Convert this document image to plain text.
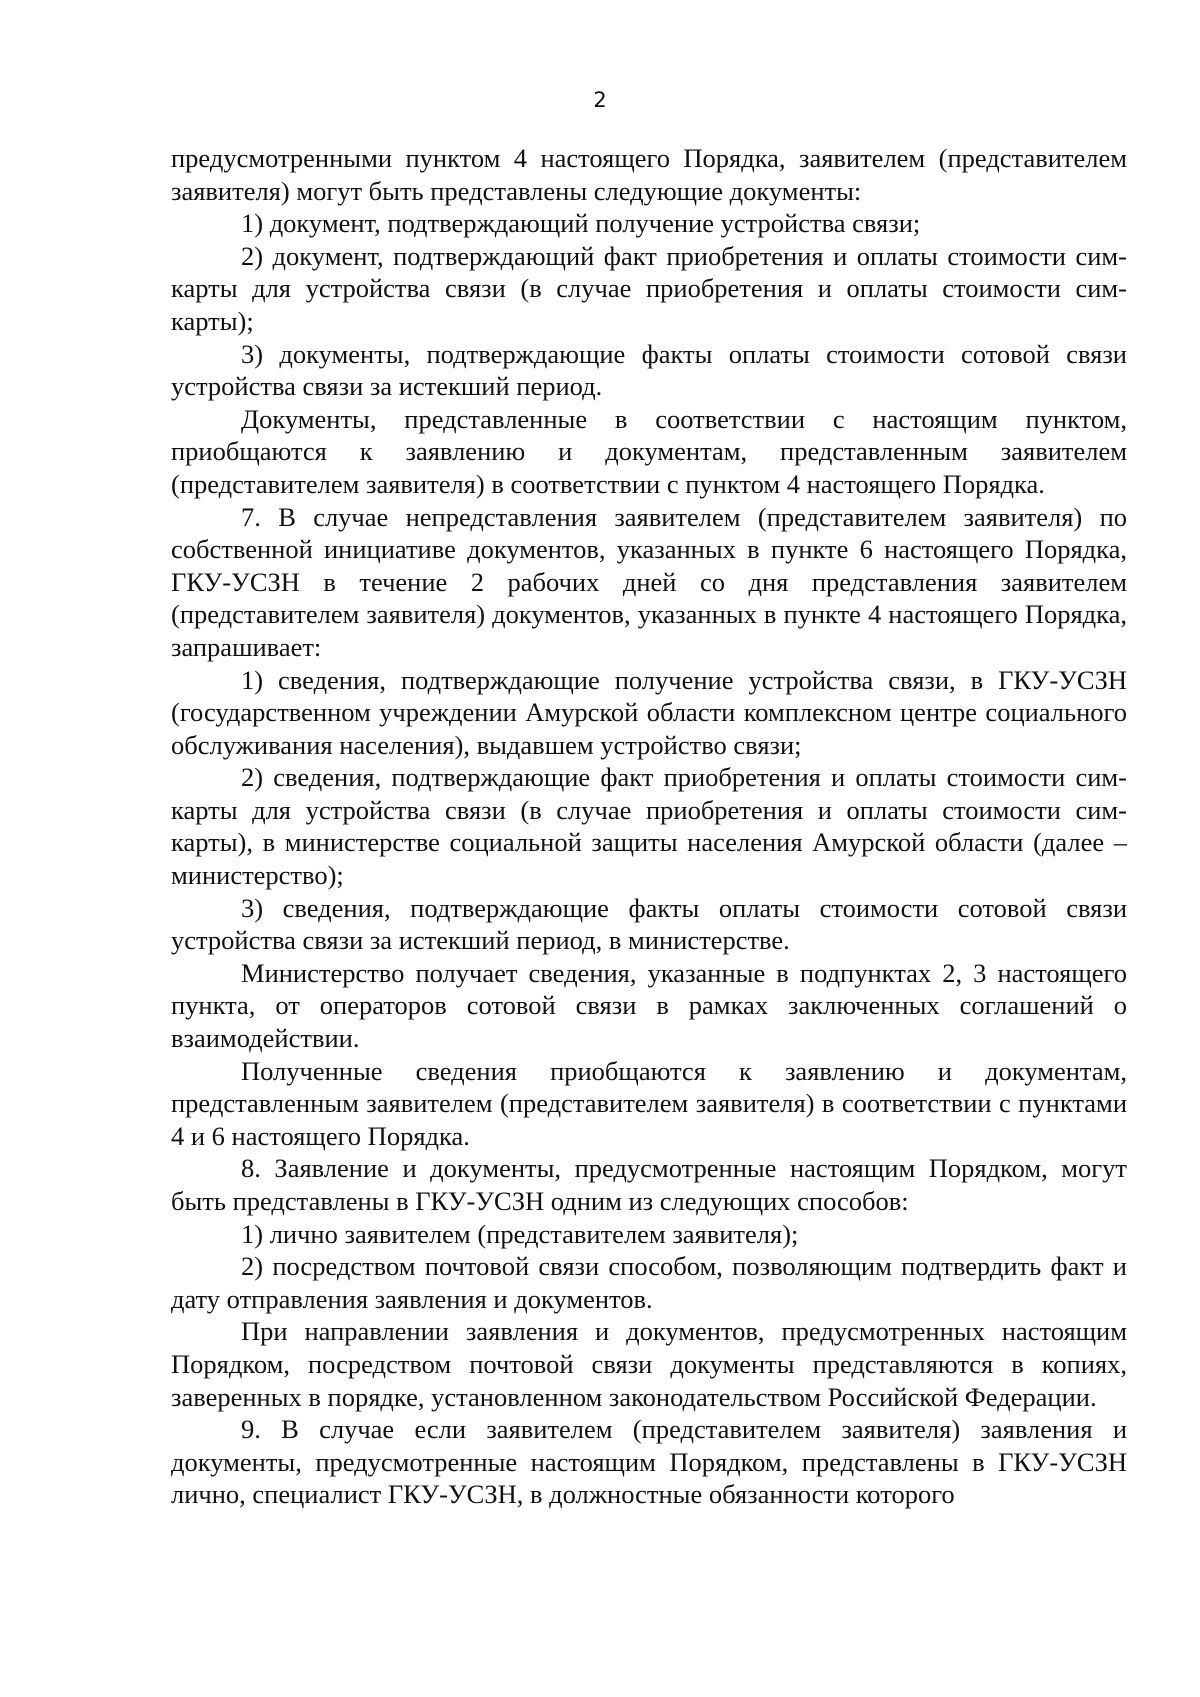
2

предусмотренными пунктом 4 настоящего Порядка, заявителем (представителем заявителя) могут быть представлены следующие документы:

1) документ, подтверждающий получение устройства связи;

2) документ, подтверждающий факт приобретения и оплаты стоимости сим-карты для устройства связи (в случае приобретения и оплаты стоимости сим-карты);

3) документы, подтверждающие факты оплаты стоимости сотовой связи устройства связи за истекший период.

Документы, представленные в соответствии с настоящим пунктом, приобщаются к заявлению и документам, представленным заявителем (представителем заявителя) в соответствии с пунктом 4 настоящего Порядка.

7. В случае непредставления заявителем (представителем заявителя) по собственной инициативе документов, указанных в пункте 6 настоящего Порядка, ГКУ-УСЗН в течение 2 рабочих дней со дня представления заявителем (представителем заявителя) документов, указанных в пункте 4 настоящего Порядка, запрашивает:

1) сведения, подтверждающие получение устройства связи, в ГКУ-УСЗН (государственном учреждении Амурской области комплексном центре социального обслуживания населения), выдавшем устройство связи;

2) сведения, подтверждающие факт приобретения и оплаты стоимости сим-карты для устройства связи (в случае приобретения и оплаты стоимости сим-карты), в министерстве социальной защиты населения Амурской области (далее – министерство);

3) сведения, подтверждающие факты оплаты стоимости сотовой связи устройства связи за истекший период, в министерстве.

Министерство получает сведения, указанные в подпунктах 2, 3 настоящего пункта, от операторов сотовой связи в рамках заключенных соглашений о взаимодействии.

Полученные сведения приобщаются к заявлению и документам, представленным заявителем (представителем заявителя) в соответствии с пунктами 4 и 6 настоящего Порядка.

8. Заявление и документы, предусмотренные настоящим Порядком, могут быть представлены в ГКУ-УСЗН одним из следующих способов:

1) лично заявителем (представителем заявителя);

2) посредством почтовой связи способом, позволяющим подтвердить факт и дату отправления заявления и документов.

При направлении заявления и документов, предусмотренных настоящим Порядком, посредством почтовой связи документы представляются в копиях, заверенных в порядке, установленном законодательством Российской Федерации.

9. В случае если заявителем (представителем заявителя) заявления и документы, предусмотренные настоящим Порядком, представлены в ГКУ-УСЗН лично, специалист ГКУ-УСЗН, в должностные обязанности которого
